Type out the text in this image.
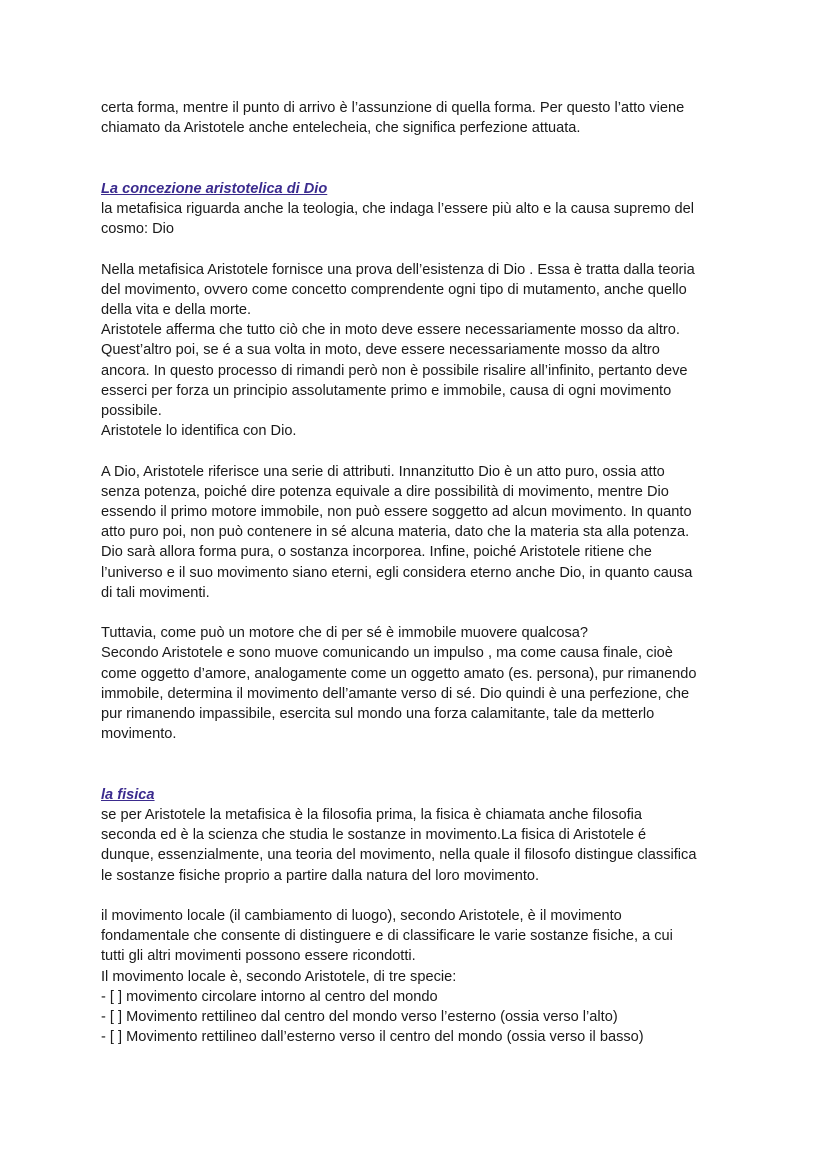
certa forma, mentre il punto di arrivo è l’assunzione di quella forma. Per questo l’atto viene
chiamato da Aristotele anche entelecheia, che significa perfezione attuata.
La concezione aristotelica di Dio
la metafisica riguarda anche la teologia, che indaga l’essere più alto e la causa supremo del
cosmo: Dio
Nella metafisica Aristotele fornisce una prova dell’esistenza di Dio . Essa è tratta dalla teoria
del movimento, ovvero come concetto comprendente ogni tipo di mutamento, anche quello
della vita e della morte.
Aristotele afferma che tutto ciò che in moto deve essere necessariamente mosso da altro.
Quest’altro poi, se é a sua volta in moto, deve essere necessariamente mosso da altro
ancora. In questo processo di rimandi però non è possibile risalire all’infinito, pertanto deve
esserci per forza un principio assolutamente primo e immobile, causa di ogni movimento
possibile.
Aristotele lo identifica con Dio.
A Dio, Aristotele riferisce una serie di attributi. Innanzitutto Dio è un atto puro, ossia atto
senza potenza, poiché dire potenza equivale a dire possibilità di movimento, mentre Dio
essendo il primo motore immobile, non può essere soggetto ad alcun movimento. In quanto
atto puro poi, non può contenere in sé alcuna materia, dato che la materia sta alla potenza.
Dio sarà allora forma pura, o sostanza incorporea. Infine, poiché Aristotele ritiene che
l’universo e il suo movimento siano eterni, egli considera eterno anche Dio, in quanto causa
di tali movimenti.
Tuttavia, come può un motore che di per sé è immobile muovere qualcosa?
Secondo Aristotele e sono muove comunicando un impulso , ma come causa finale, cioè
come oggetto d’amore, analogamente come un oggetto amato (es. persona), pur rimanendo
immobile, determina il movimento dell’amante verso di sé. Dio quindi è una perfezione, che
pur rimanendo impassibile, esercita sul mondo una forza calamitante, tale da metterlo
movimento.
la fisica
se per Aristotele la metafisica è la filosofia prima, la fisica è chiamata anche filosofia
seconda ed è la scienza che studia le sostanze in movimento.La fisica di Aristotele é
dunque, essenzialmente, una teoria del movimento, nella quale il filosofo distingue classifica
le sostanze fisiche proprio a partire dalla natura del loro movimento.
il movimento locale (il cambiamento di luogo), secondo Aristotele, è il movimento
fondamentale che consente di distinguere e di classificare le varie sostanze fisiche, a cui
tutti gli altri movimenti possono essere ricondotti.
Il movimento locale è, secondo Aristotele, di tre specie:
- [ ] movimento circolare intorno al centro del mondo
- [ ] Movimento rettilineo dal centro del mondo verso l’esterno (ossia verso l’alto)
- [ ] Movimento rettilineo dall’esterno verso il centro del mondo (ossia verso il basso)
